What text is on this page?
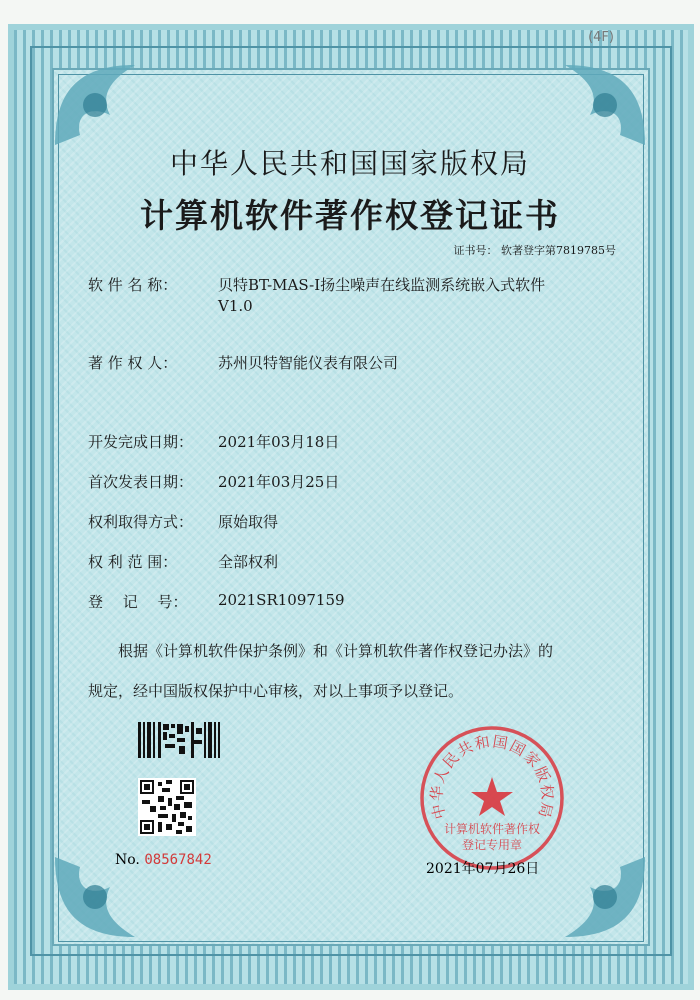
(4F)
中华人民共和国国家版权局
计算机软件著作权登记证书
证书号： 软著登字第7819785号
软 件 名 称：	贝特BT-MAS-I扬尘噪声在线监测系统嵌入式软件
V1.0
著 作 权 人：	苏州贝特智能仪表有限公司
开发完成日期： 2021年03月18日
首次发表日期： 2021年03月25日
权利取得方式： 原始取得
权 利 范 围：	全部权利
登　 记 　号： 2021SR1097159
根据《计算机软件保护条例》和《计算机软件著作权登记办法》的
规定，经中国版权保护中心审核，对以上事项予以登记。
No. 08567842
中华人民共和国国家版权局
计算机软件著作权
登记专用章
2021年07月26日
